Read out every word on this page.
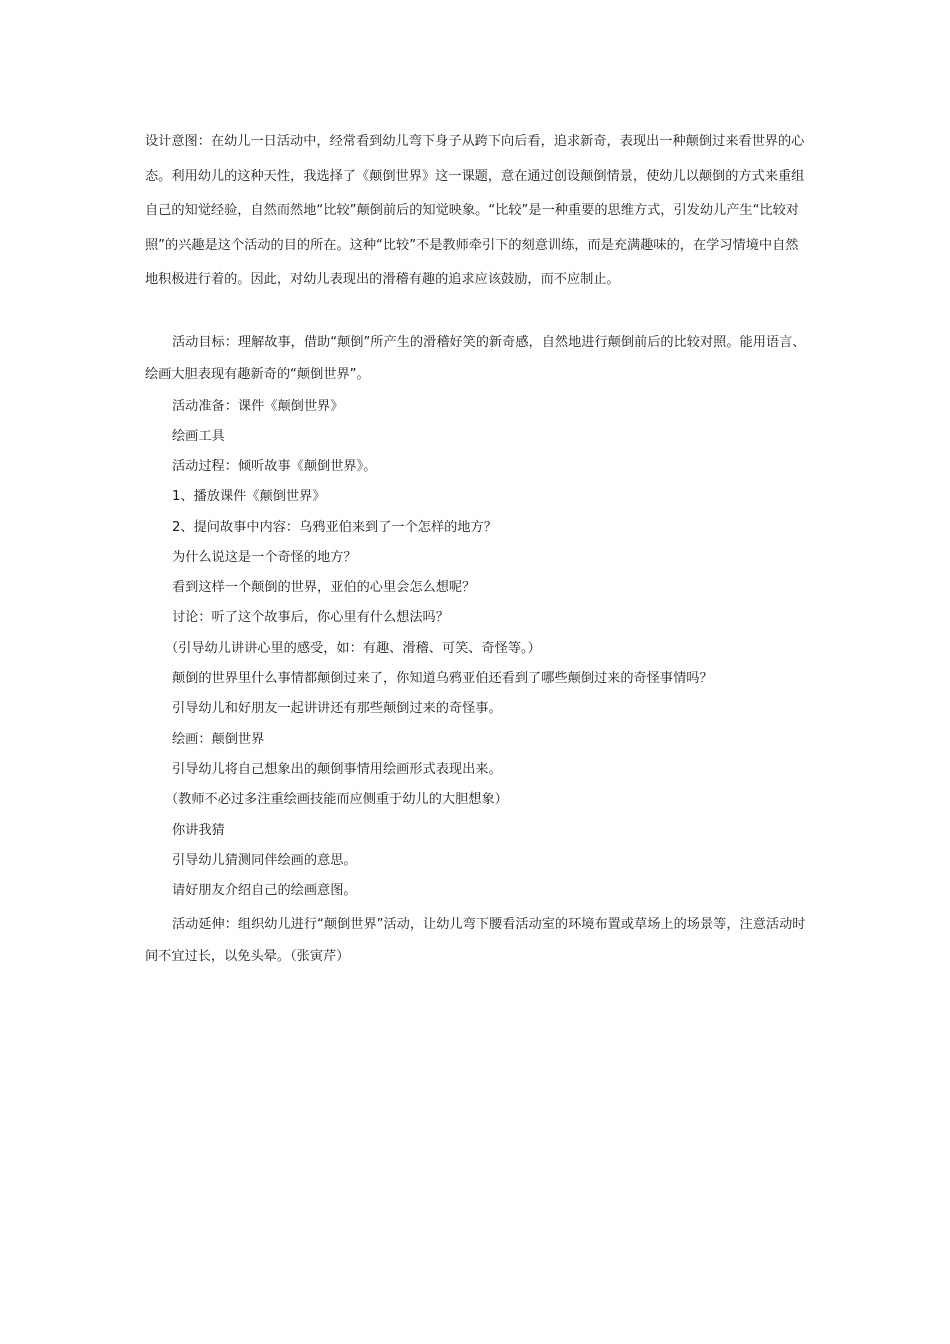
设计意图：在幼儿一日活动中，经常看到幼儿弯下身子从跨下向后看，追求新奇，表现出一种颠倒过来看世界的心态。利用幼儿的这种天性，我选择了《颠倒世界》这一课题，意在通过创设颠倒情景，使幼儿以颠倒的方式来重组自己的知觉经验，自然而然地“比较”颠倒前后的知觉映象。“比较”是一种重要的思维方式，引发幼儿产生“比较对照”的兴趣是这个活动的目的所在。这种“比较”不是教师牵引下的刻意训练，而是充满趣味的，在学习情境中自然地积极进行着的。因此，对幼儿表现出的滑稽有趣的追求应该鼓励，而不应制止。

活动目标：理解故事，借助“颠倒”所产生的滑稽好笑的新奇感，自然地进行颠倒前后的比较对照。能用语言、绘画大胆表现有趣新奇的“颠倒世界”。

活动准备：课件《颠倒世界》

绘画工具

活动过程：倾听故事《颠倒世界》。

1、播放课件《颠倒世界》

2、提问故事中内容：乌鸦亚伯来到了一个怎样的地方？

为什么说这是一个奇怪的地方？

看到这样一个颠倒的世界，亚伯的心里会怎么想呢？

讨论：听了这个故事后，你心里有什么想法吗？

（引导幼儿讲讲心里的感受，如：有趣、滑稽、可笑、奇怪等。）

颠倒的世界里什么事情都颠倒过来了，你知道乌鸦亚伯还看到了哪些颠倒过来的奇怪事情吗？

引导幼儿和好朋友一起讲讲还有那些颠倒过来的奇怪事。

绘画：颠倒世界

引导幼儿将自己想象出的颠倒事情用绘画形式表现出来。

（教师不必过多注重绘画技能而应侧重于幼儿的大胆想象）

你讲我猜

引导幼儿猜测同伴绘画的意思。

请好朋友介绍自己的绘画意图。

活动延伸：组织幼儿进行“颠倒世界”活动，让幼儿弯下腰看活动室的环境布置或草场上的场景等，注意活动时间不宜过长，以免头晕。（张寅芹）
